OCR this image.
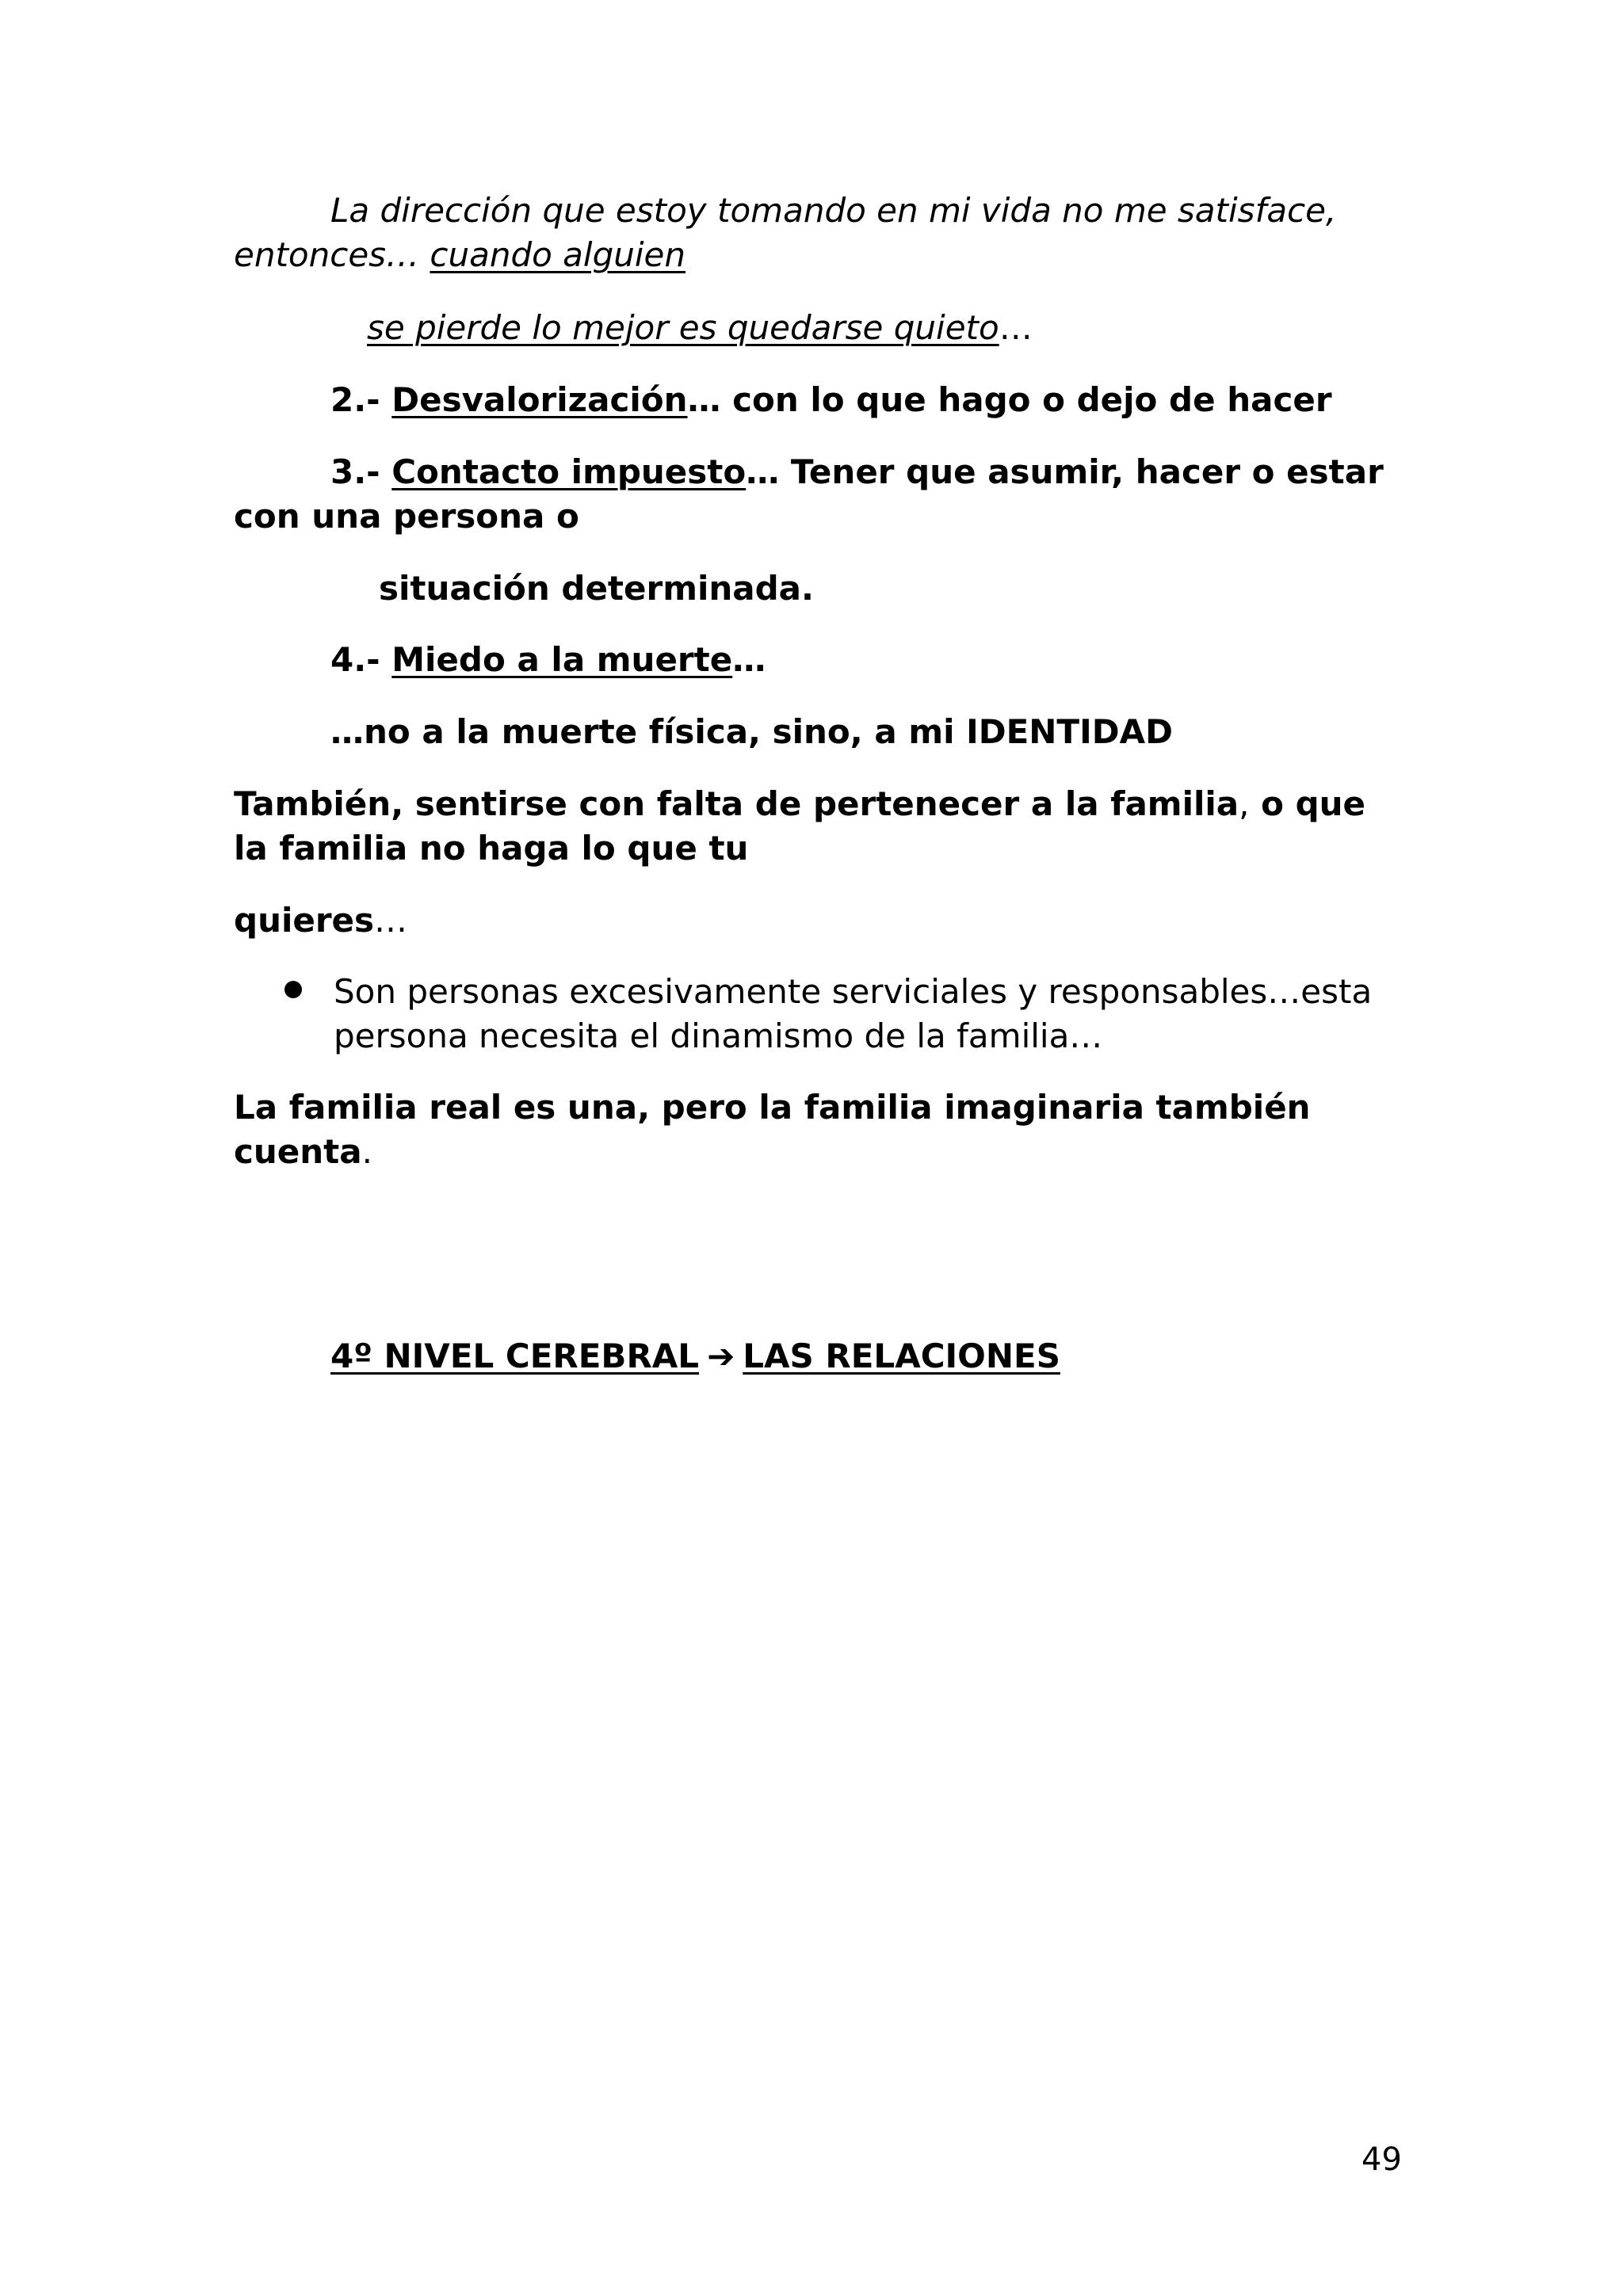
La dirección que estoy tomando en mi vida no me satisface, entonces… cuando alguien

se pierde lo mejor es quedarse quieto…

2.- Desvalorización… con lo que hago o dejo de hacer

3.- Contacto impuesto… Tener que asumir, hacer o estar con una persona o

situación determinada.

4.- Miedo a la muerte…

…no a la muerte física, sino, a mi IDENTIDAD

También, sentirse con falta de pertenecer a la familia, o que la familia no haga lo que tu

quieres…

Son personas excesivamente serviciales y responsables…esta persona necesita el dinamismo de la familia…

La familia real es una, pero la familia imaginaria también cuenta.

4º NIVEL CEREBRAL ➔ LAS RELACIONES

49
